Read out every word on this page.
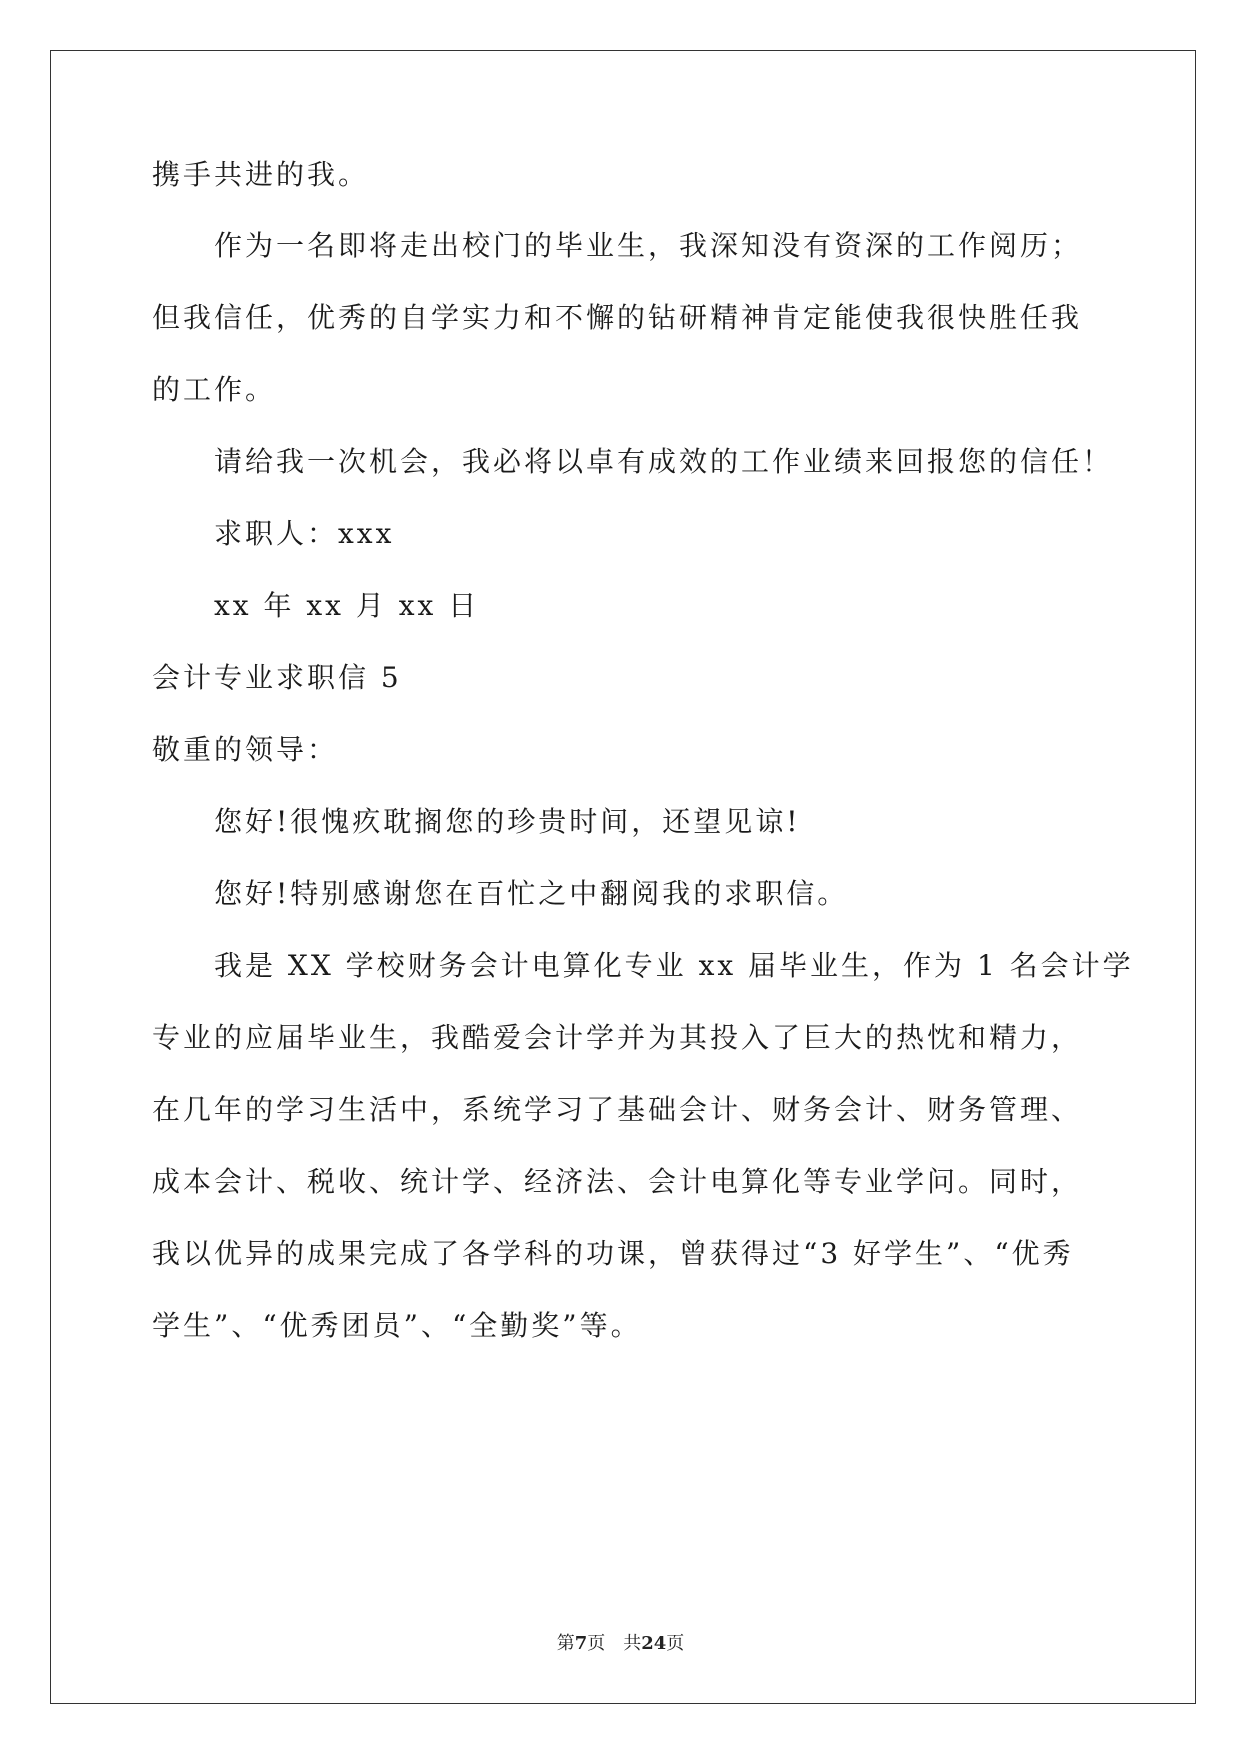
携手共进的我。
作为一名即将走出校门的毕业生，我深知没有资深的工作阅历；
但我信任，优秀的自学实力和不懈的钻研精神肯定能使我很快胜任我
的工作。
请给我一次机会，我必将以卓有成效的工作业绩来回报您的信任！
求职人：xxx
xx 年 xx 月 xx 日
会计专业求职信 5
敬重的领导：
您好!很愧疚耽搁您的珍贵时间，还望见谅!
您好!特别感谢您在百忙之中翻阅我的求职信。
我是 XX 学校财务会计电算化专业 xx 届毕业生，作为 1 名会计学
专业的应届毕业生，我酷爱会计学并为其投入了巨大的热忱和精力，
在几年的学习生活中，系统学习了基础会计、财务会计、财务管理、
成本会计、税收、统计学、经济法、会计电算化等专业学问。同时，
我以优异的成果完成了各学科的功课，曾获得过“3 好学生”、“优秀
学生”、“优秀团员”、“全勤奖”等。
第7页 共24页
